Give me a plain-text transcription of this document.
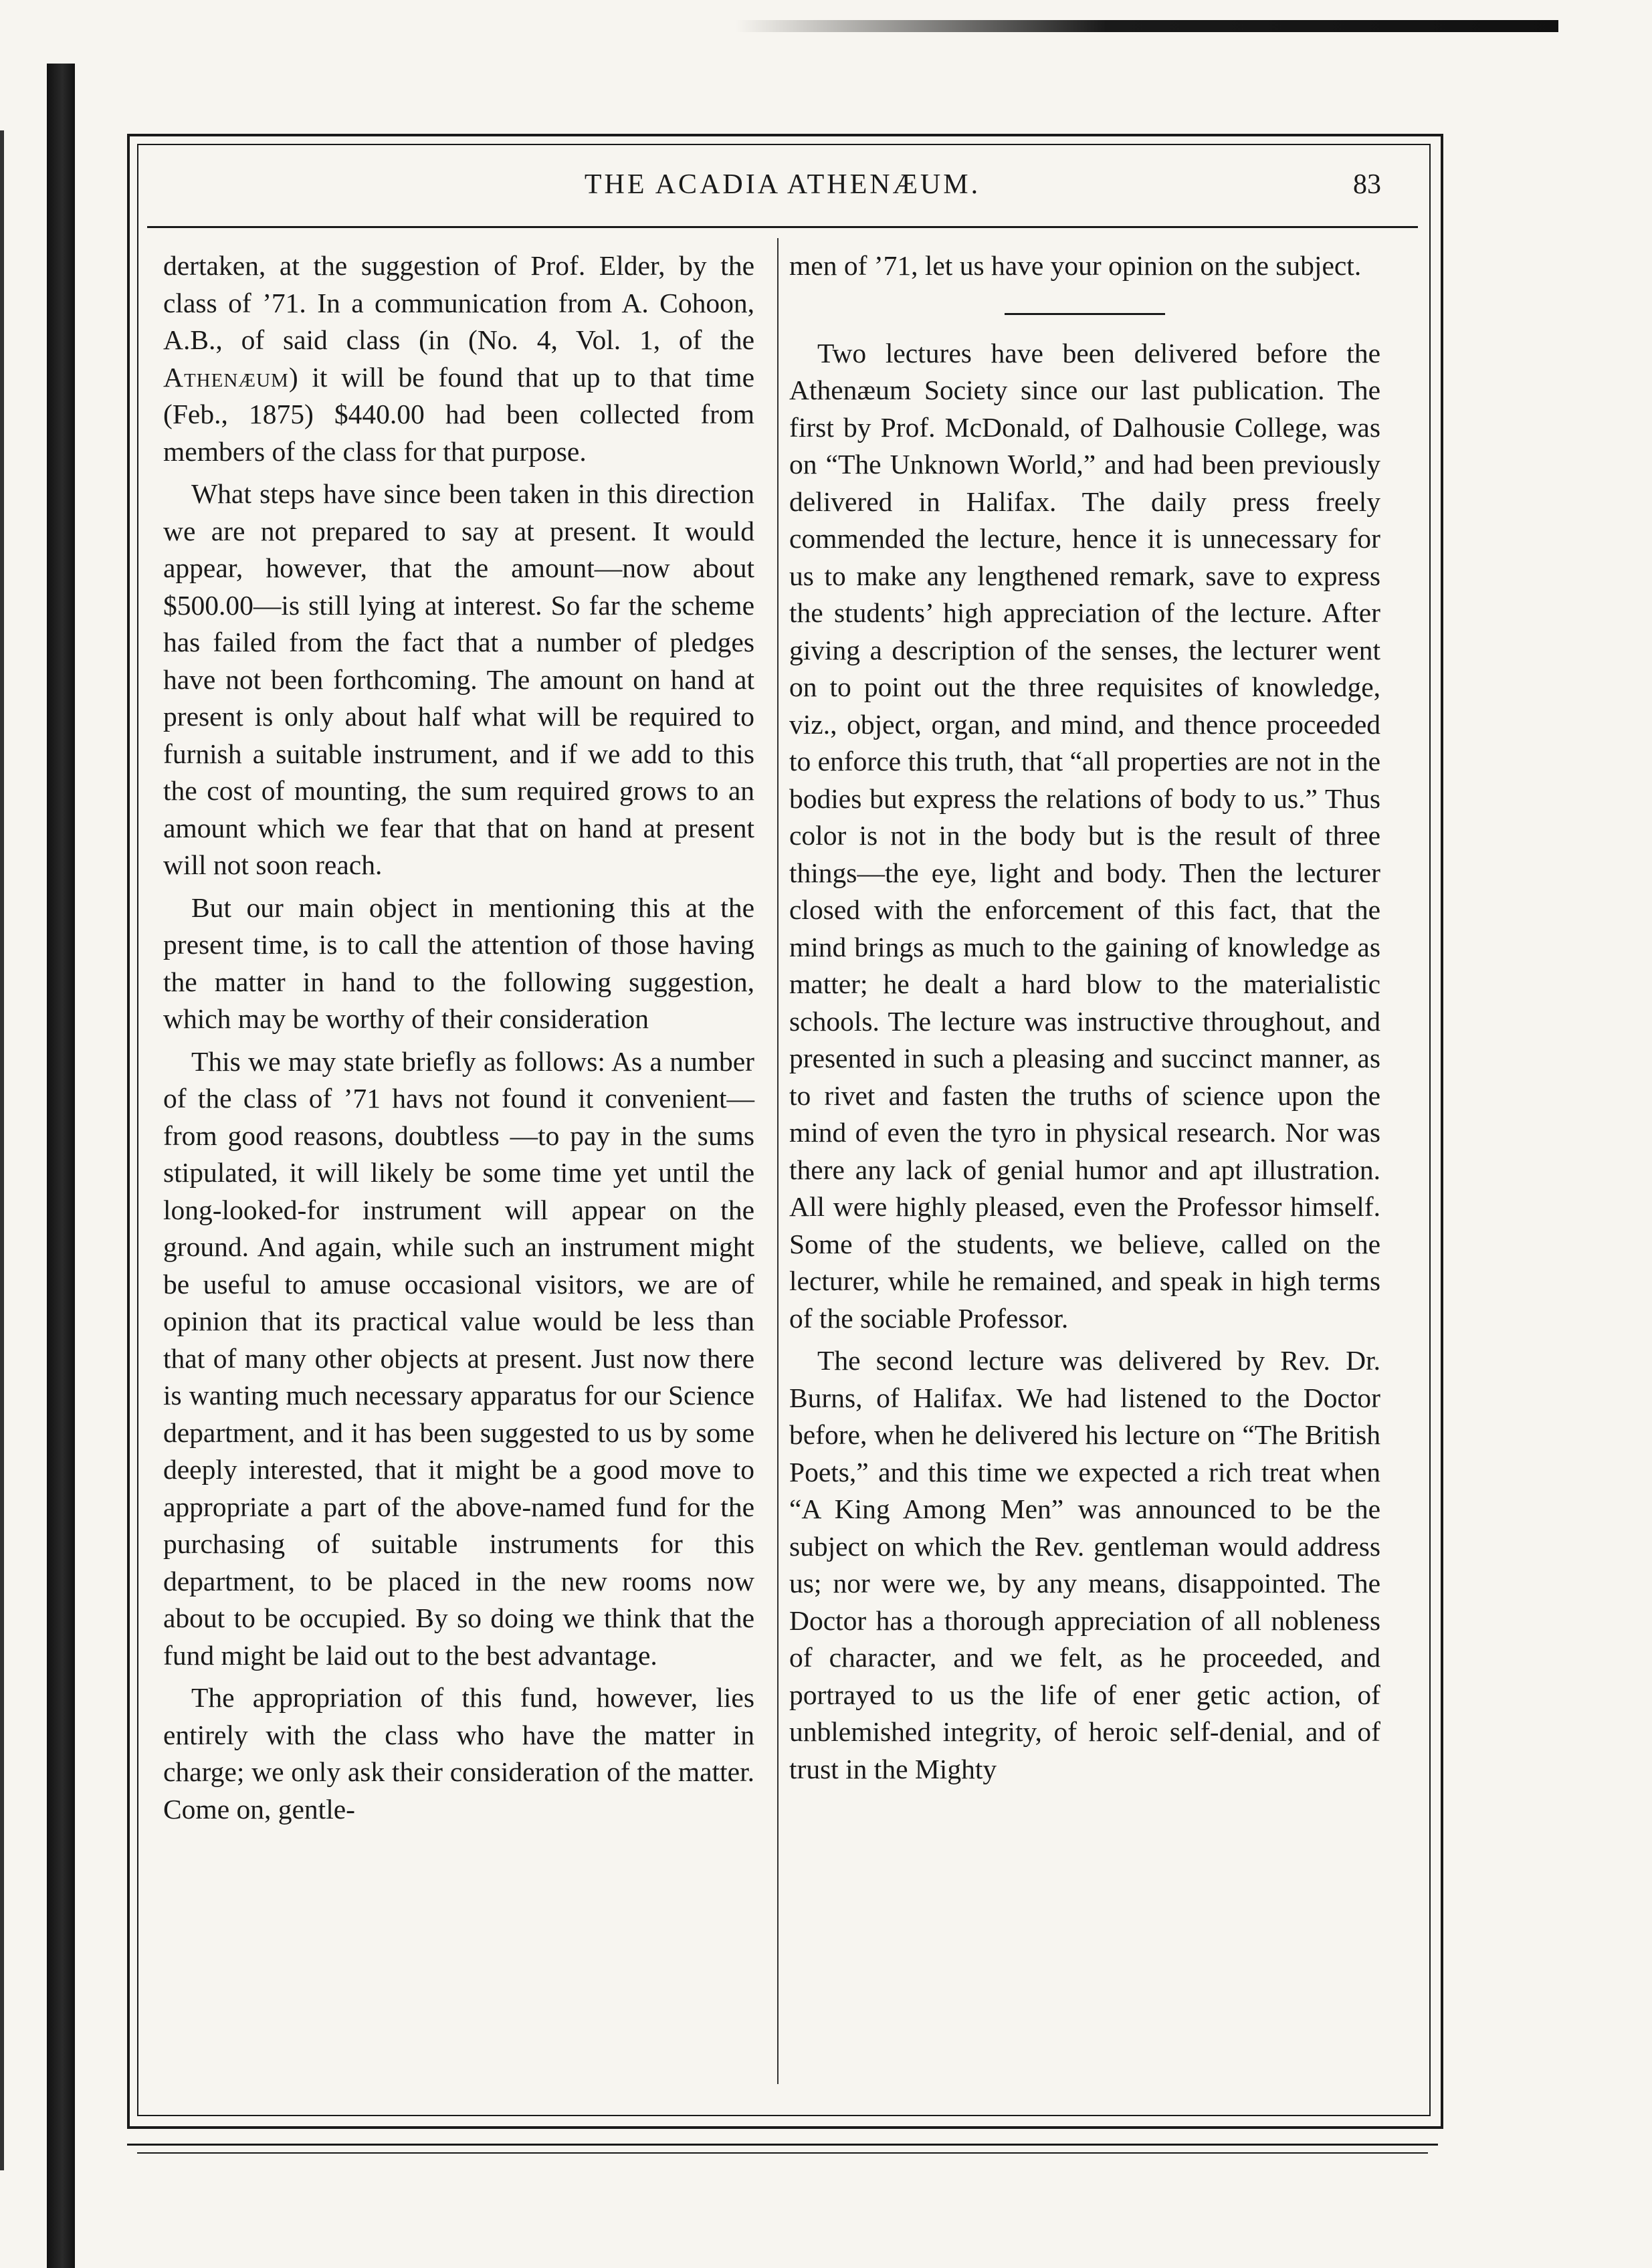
THE ACADIA ATHENÆUM.	83

dertaken, at the suggestion of Prof. Elder, by the class of ’71. In a communication from A. Cohoon, A.B., of said class (in (No. 4, Vol. 1, of the Athenæum) it will be found that up to that time (Feb., 1875) $440.00 had been collected from members of the class for that purpose.

What steps have since been taken in this direction we are not prepared to say at present. It would appear, however, that the amount—now about $500.00—is still lying at interest. So far the scheme has failed from the fact that a number of pledges have not been forthcoming. The amount on hand at present is only about half what will be required to furnish a suitable instrument, and if we add to this the cost of mounting, the sum required grows to an amount which we fear that that on hand at present will not soon reach.

But our main object in mentioning this at the present time, is to call the attention of those having the matter in hand to the following suggestion, which may be worthy of their consideration

This we may state briefly as follows: As a number of the class of ’71 havs not found it convenient—from good reasons, doubtless —to pay in the sums stipulated, it will likely be some time yet until the long-looked-for instrument will appear on the ground. And again, while such an instrument might be useful to amuse occasional visitors, we are of opinion that its practical value would be less than that of many other objects at present. Just now there is wanting much necessary apparatus for our Science department, and it has been suggested to us by some deeply interested, that it might be a good move to appropriate a part of the above-named fund for the purchasing of suitable instruments for this department, to be placed in the new rooms now about to be occupied. By so doing we think that the fund might be laid out to the best advantage.

The appropriation of this fund, however, lies entirely with the class who have the matter in charge; we only ask their consideration of the matter. Come on, gentle-

men of ’71, let us have your opinion on the subject.

Two lectures have been delivered before the Athenæum Society since our last publication. The first by Prof. McDonald, of Dalhousie College, was on “The Unknown World,” and had been previously delivered in Halifax. The daily press freely commended the lecture, hence it is unnecessary for us to make any lengthened remark, save to express the students’ high appreciation of the lecture. After giving a description of the senses, the lecturer went on to point out the three requisites of knowledge, viz., object, organ, and mind, and thence proceeded to enforce this truth, that “all properties are not in the bodies but express the relations of body to us.” Thus color is not in the body but is the result of three things—the eye, light and body. Then the lecturer closed with the enforcement of this fact, that the mind brings as much to the gaining of knowledge as matter; he dealt a hard blow to the materialistic schools. The lecture was instructive throughout, and presented in such a pleasing and succinct manner, as to rivet and fasten the truths of science upon the mind of even the tyro in physical research. Nor was there any lack of genial humor and apt illustration. All were highly pleased, even the Professor himself. Some of the students, we believe, called on the lecturer, while he remained, and speak in high terms of the sociable Professor.

The second lecture was delivered by Rev. Dr. Burns, of Halifax. We had listened to the Doctor before, when he delivered his lecture on “The British Poets,” and this time we expected a rich treat when “A King Among Men” was announced to be the subject on which the Rev. gentleman would address us; nor were we, by any means, disappointed. The Doctor has a thorough appreciation of all nobleness of character, and we felt, as he proceeded, and portrayed to us the life of ener getic action, of unblemished integrity, of heroic self-denial, and of trust in the Mighty
